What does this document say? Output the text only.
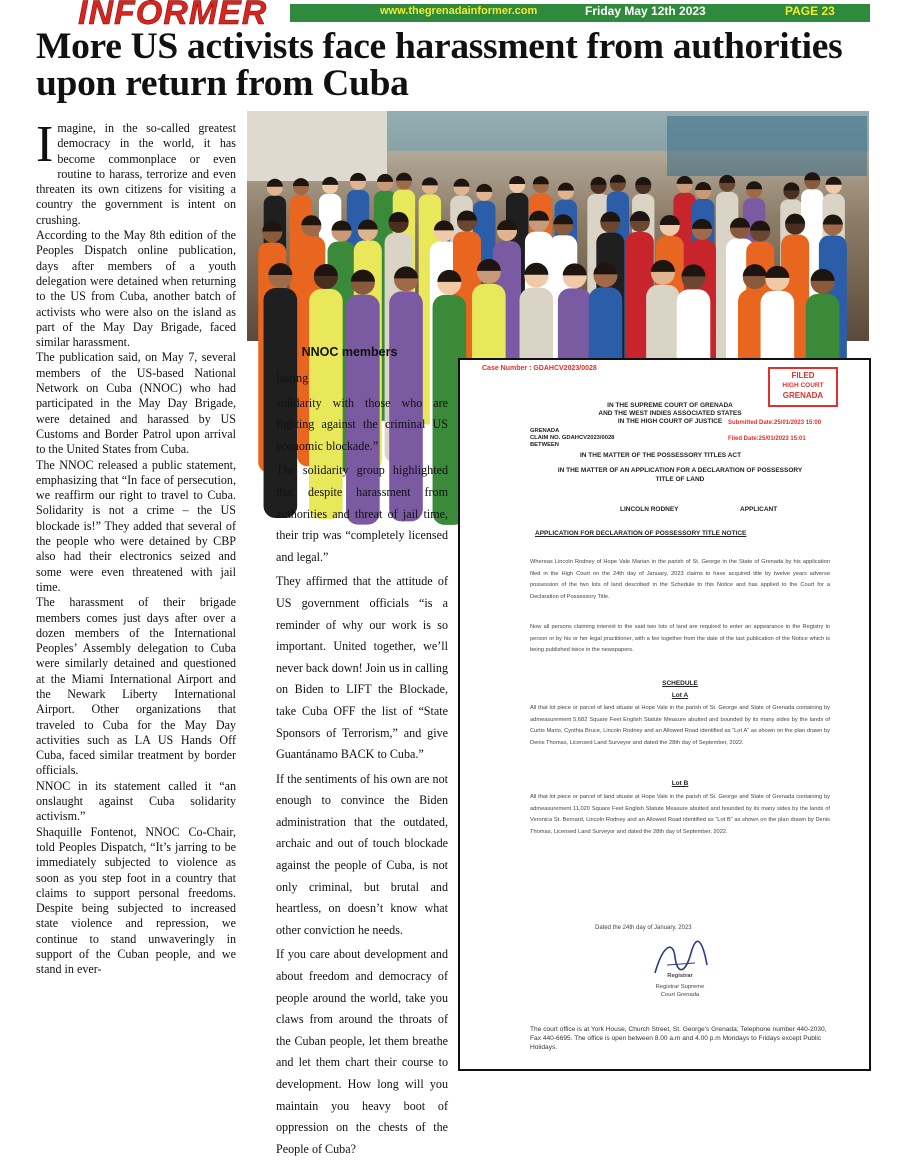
INFORMER	www.thegrenadainformer.com	Friday May 12th 2023	PAGE 23
More US activists face harassment from authorities upon return from Cuba

Imagine, in the so-called greatest democracy in the world, it has become commonplace or even routine to harass, terrorize and even threaten its own citizens for visiting a country the government is intent on crushing.

According to the May 8th edition of the Peoples Dispatch online publication, days after members of a youth delegation were detained when returning to the US from Cuba, another batch of activists who were also on the island as part of the May Day Brigade, faced similar harassment.

The publication said, on May 7, several members of the US-based National Network on Cuba (NNOC) who had participated in the May Day Brigade, were detained and harassed by US Customs and Border Patrol upon arrival to the United States from Cuba.

The NNOC released a public statement, emphasizing that “In face of persecution, we reaffirm our right to travel to Cuba. Solidarity is not a crime – the US blockade is!” They added that several of the people who were detained by CBP also had their electronics seized and some were even threatened with jail time.

The harassment of their brigade members comes just days after over a dozen members of the International Peoples’ Assembly delegation to Cuba were similarly detained and questioned at the Miami International Airport and the Newark Liberty International Airport. Other organizations that traveled to Cuba for the May Day activities such as LA US Hands Off Cuba, faced similar treatment by border officials.

NNOC in its statement called it “an onslaught against Cuba solidarity activism.”

Shaquille Fontenot, NNOC Co-Chair, told Peoples Dispatch, “It’s jarring to be immediately subjected to violence as soon as you step foot in a country that claims to support personal freedoms. Despite being subjected to increased state violence and repression, we continue to stand unwaveringly in support of the Cuban people, and we stand in ever-

NNOC members

lasting

solidarity with those who are fighting against the criminal US economic blockade.”

The solidarity group highlighted that despite harassment from authorities and threat of jail time, their trip was “completely licensed and legal.”

They affirmed that the attitude of US government officials “is a reminder of why our work is so important. United together, we’ll never back down! Join us in calling on Biden to LIFT the Blockade, take Cuba OFF the list of “State Sponsors of Terrorism,” and give Guantánamo BACK to Cuba.”

If the sentiments of his own are not enough to convince the Biden administration that the outdated, archaic and out of touch blockade against the people of Cuba, is not only criminal, but brutal and heartless, on doesn’t know what other conviction he needs.

If you care about development and about freedom and democracy of people around the world, take you claws from around the throats of the Cuban people, let them breathe and let them chart their course to development. How long will you maintain you heavy boot of oppression on the chests of the People of Cuba?

Case Number : GDAHCV2023/0028
FILED
HIGH COURT
GRENADA
IN THE SUPREME COURT OF GRENADA
AND THE WEST INDIES ASSOCIATED STATES
IN THE HIGH COURT OF JUSTICE Submitted Date:25/01/2023 15:00
Filed Date:25/01/2023 15:01
GRENADA
CLAIM NO. GDAHCV2023/0028
BETWEEN
IN THE MATTER OF THE POSSESSORY TITLES ACT
IN THE MATTER OF AN APPLICATION FOR A DECLARATION OF POSSESSORY TITLE OF LAND
LINCOLN RODNEY	APPLICANT
APPLICATION FOR DECLARATION OF POSSESSORY TITLE NOTICE
Whereas Lincoln Rodney of Hope Vale Marian in the parish of St. George in the State of Grenada by his application filed in the High Court on the 24th day of January, 2023 claims to have acquired title by twelve years adverse possession of the two lots of land described in the Schedule to this Notice and has applied to the Court for a Declaration of Possessory Title.
Now all persons claiming interest in the said two lots of land are required to enter an appearance in the Registry in person or by his or her legal practitioner, with a fee together from the date of the last publication of the Notice which is being published twice in the newspapers.
SCHEDULE
Lot A
All that lot piece or parcel of land situate at Hope Vale in the parish of St. George and State of Grenada containing by admeasurement 5,682 Square Feet English Statute Measure abutted and bounded by its many sides by the lands of Curtis Mario, Cynthia Bruce, Lincoln Rodney and an Allowed Road identified as “Lot A” as shown on the plan drawn by Denis Thomas, Licensed Land Surveyor and dated the 28th day of September, 2022.
Lot B
All that lot piece or parcel of land situate at Hope Vale in the parish of St. George and State of Grenada containing by admeasurement 11,020 Square Feet English Statute Measure abutted and bounded by its many sides by the lands of Veronica St. Bernard, Lincoln Rodney and an Allowed Road identified as “Lot B” as shown on the plan drawn by Denis Thomas, Licensed Land Surveyor and dated the 28th day of September, 2022.
Dated the 24th day of January, 2023
Registrar
Registrar Supreme
Court Grenada
The court office is at York House, Church Street, St. George's Grenada; Telephone number 440-2030, Fax 440-6695. The office is open between 8.00 a.m and 4.00 p.m Mondays to Fridays except Public Holidays.
